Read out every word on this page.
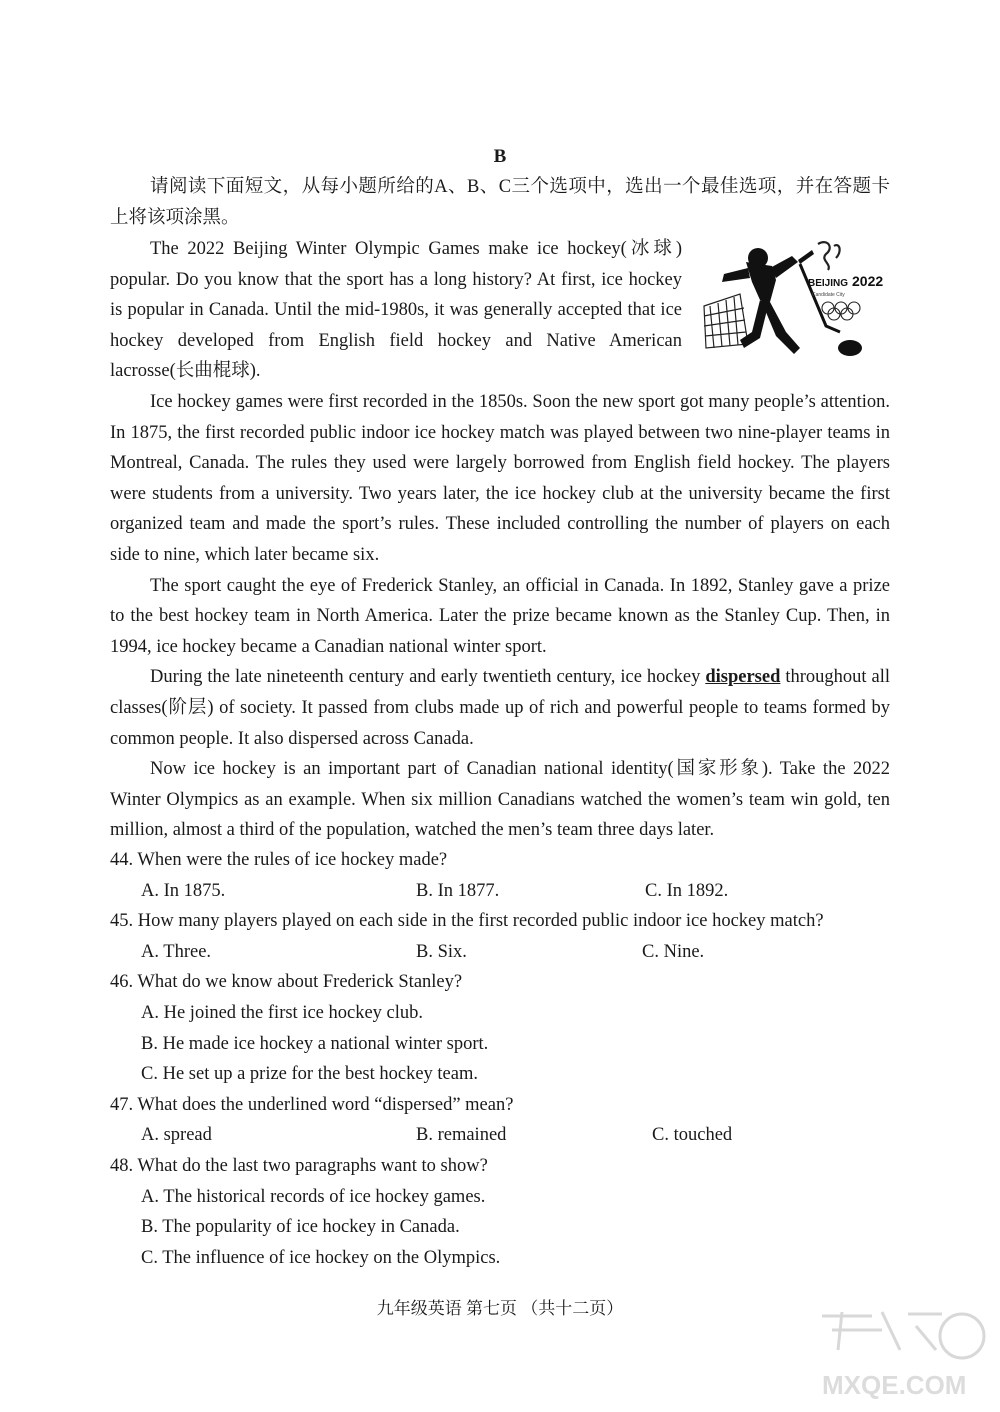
B

请阅读下面短文，从每小题所给的A、B、C三个选项中，选出一个最佳选项，并在答题卡上将该项涂黑。

The 2022 Beijing Winter Olympic Games make ice hockey(冰球) popular. Do you know that the sport has a long history? At first, ice hockey is popular in Canada. Until the mid-1980s, it was generally accepted that ice hockey developed from English field hockey and Native American lacrosse(长曲棍球).

BEIJING 2022
Candidate City

Ice hockey games were first recorded in the 1850s. Soon the new sport got many people’s attention. In 1875, the first recorded public indoor ice hockey match was played between two nine-player teams in Montreal, Canada. The rules they used were largely borrowed from English field hockey. The players were students from a university. Two years later, the ice hockey club at the university became the first organized team and made the sport’s rules. These included controlling the number of players on each side to nine, which later became six.

The sport caught the eye of Frederick Stanley, an official in Canada. In 1892, Stanley gave a prize to the best hockey team in North America. Later the prize became known as the Stanley Cup. Then, in 1994, ice hockey became a Canadian national winter sport.

During the late nineteenth century and early twentieth century, ice hockey dispersed throughout all classes(阶层) of society. It passed from clubs made up of rich and powerful people to teams formed by common people. It also dispersed across Canada.

Now ice hockey is an important part of Canadian national identity(国家形象). Take the 2022 Winter Olympics as an example. When six million Canadians watched the women’s team win gold, ten million, almost a third of the population, watched the men’s team three days later.

44. When were the rules of ice hockey made?

A. In 1875.	B. In 1877.	C. In 1892.

45. How many players played on each side in the first recorded public indoor ice hockey match?

A. Three.	B. Six.	C. Nine.

46. What do we know about Frederick Stanley?

A. He joined the first ice hockey club.

B. He made ice hockey a national winter sport.

C. He set up a prize for the best hockey team.

47. What does the underlined word “dispersed” mean?

A. spread	B. remained	C. touched

48. What do the last two paragraphs want to show?

A. The historical records of ice hockey games.

B. The popularity of ice hockey in Canada.

C. The influence of ice hockey on the Olympics.

九年级英语 第七页 （共十二页）
MXQE.COM
